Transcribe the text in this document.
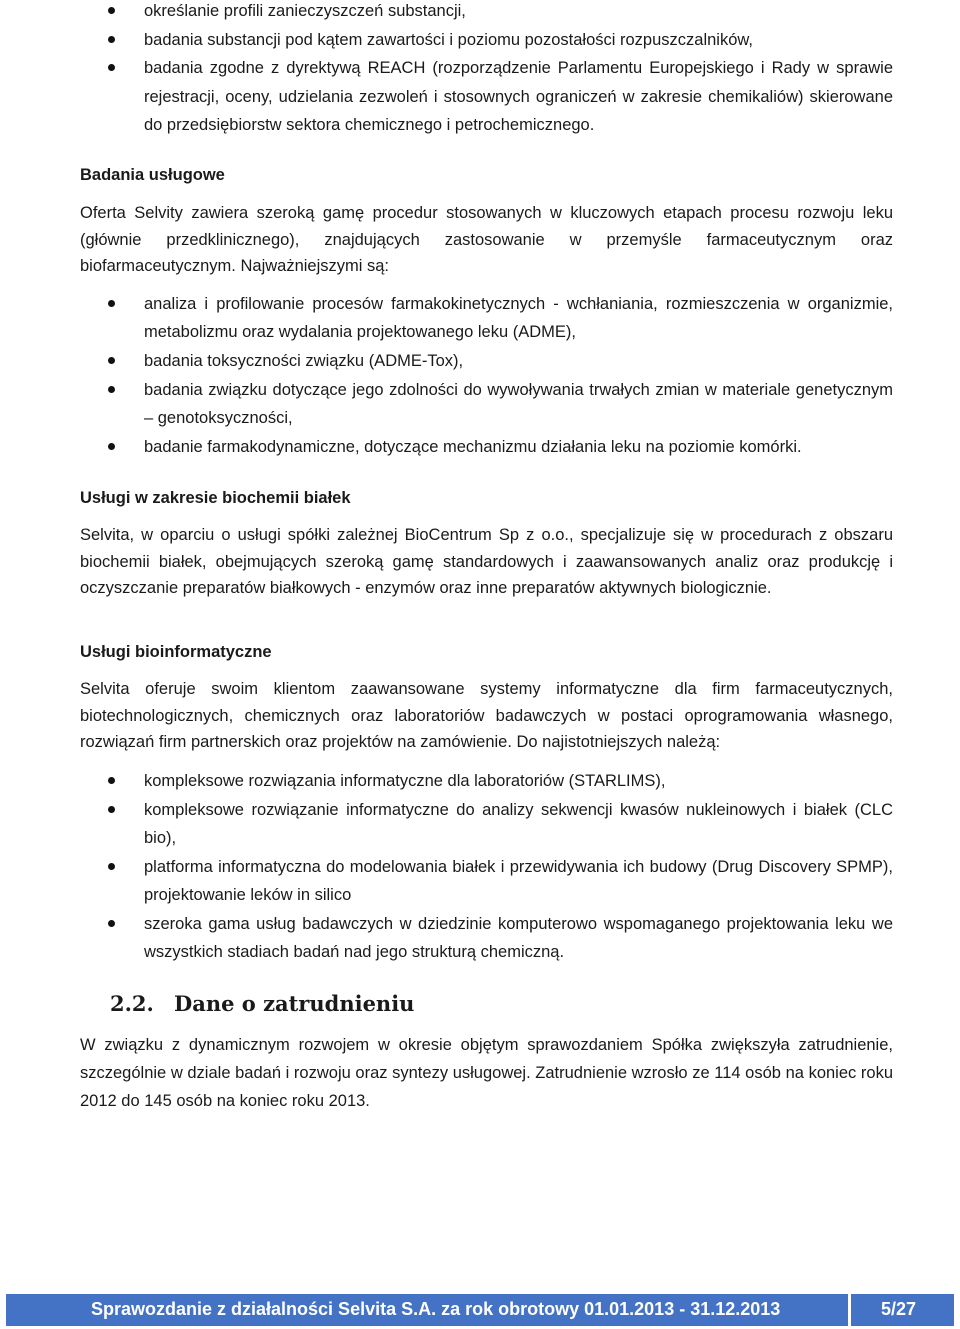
określanie profili zanieczyszczeń substancji,
badania substancji pod kątem zawartości i poziomu pozostałości rozpuszczalników,
badania zgodne z dyrektywą REACH (rozporządzenie Parlamentu Europejskiego i Rady w sprawie rejestracji, oceny, udzielania zezwoleń i stosownych ograniczeń w zakresie chemikaliów) skierowane do przedsiębiorstw sektora chemicznego i petrochemicznego.
Badania usługowe

Oferta Selvity zawiera szeroką gamę procedur stosowanych w kluczowych etapach procesu rozwoju leku (głównie przedklinicznego), znajdujących zastosowanie w przemyśle farmaceutycznym oraz biofarmaceutycznym. Najważniejszymi są:

analiza i profilowanie procesów farmakokinetycznych - wchłaniania, rozmieszczenia w organizmie, metabolizmu oraz wydalania projektowanego leku (ADME),
badania toksyczności związku (ADME-Tox),
badania związku dotyczące jego zdolności do wywoływania trwałych zmian w materiale genetycznym – genotoksyczności,
badanie farmakodynamiczne, dotyczące mechanizmu działania leku na poziomie komórki.
Usługi w zakresie biochemii białek

Selvita, w oparciu o usługi spółki zależnej BioCentrum Sp z o.o., specjalizuje się w procedurach z obszaru biochemii białek, obejmujących szeroką gamę standardowych i zaawansowanych analiz oraz produkcję i oczyszczanie preparatów białkowych - enzymów oraz inne preparatów aktywnych biologicznie.

Usługi bioinformatyczne

Selvita oferuje swoim klientom zaawansowane systemy informatyczne dla firm farmaceutycznych, biotechnologicznych, chemicznych oraz laboratoriów badawczych w postaci oprogramowania własnego, rozwiązań firm partnerskich oraz projektów na zamówienie. Do najistotniejszych należą:

kompleksowe rozwiązania informatyczne dla laboratoriów (STARLIMS),
kompleksowe rozwiązanie informatyczne do analizy sekwencji kwasów nukleinowych i białek (CLC bio),
platforma informatyczna do modelowania białek i przewidywania ich budowy (Drug Discovery SPMP), projektowanie leków in silico
szeroka gama usług badawczych w dziedzinie komputerowo wspomaganego projektowania leku we wszystkich stadiach badań nad jego strukturą chemiczną.
2.2. Dane o zatrudnieniu

W związku z dynamicznym rozwojem w okresie objętym sprawozdaniem Spółka zwiększyła zatrudnienie, szczególnie w dziale badań i rozwoju oraz syntezy usługowej. Zatrudnienie wzrosło ze 114 osób na koniec roku 2012 do 145 osób na koniec roku 2013.

Sprawozdanie z działalności Selvita S.A. za rok obrotowy 01.01.2013 - 31.12.2013	5/27
